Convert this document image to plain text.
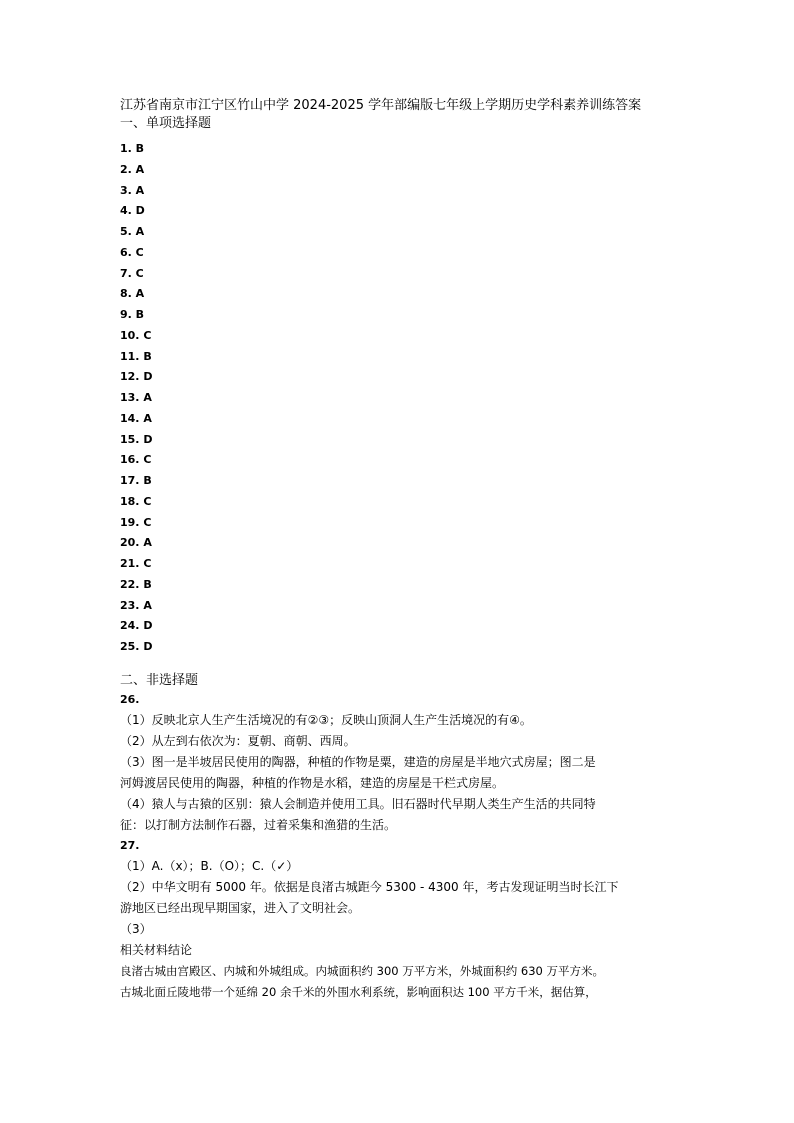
江苏省南京市江宁区竹山中学 2024-2025 学年部编版七年级上学期历史学科素养训练答案

一、单项选择题

1. B
2. A
3. A
4. D
5. A
6. C
7. C
8. A
9. B
10. C
11. B
12. D
13. A
14. A
15. D
16. C
17. B
18. C
19. C
20. A
21. C
22. B
23. A
24. D
25. D

二、非选择题

26.

（1）反映北京人生产生活境况的有②③；反映山顶洞人生产生活境况的有④。

（2）从左到右依次为：夏朝、商朝、西周。

（3）图一是半坡居民使用的陶器，种植的作物是粟，建造的房屋是半地穴式房屋；图二是

河姆渡居民使用的陶器，种植的作物是水稻，建造的房屋是干栏式房屋。

（4）猿人与古猿的区别：猿人会制造并使用工具。旧石器时代早期人类生产生活的共同特

征：以打制方法制作石器，过着采集和渔猎的生活。

27.

（1）A.（x）；B.（O）；C.（✓）

（2）中华文明有 5000 年。依据是良渚古城距今 5300 - 4300 年，考古发现证明当时长江下

游地区已经出现早期国家，进入了文明社会。

（3）

相关材料结论

良渚古城由宫殿区、内城和外城组成。内城面积约 300 万平方米，外城面积约 630 万平方米。

古城北面丘陵地带一个延绵 20 余千米的外围水利系统，影响面积达 100 平方千米，据估算，
